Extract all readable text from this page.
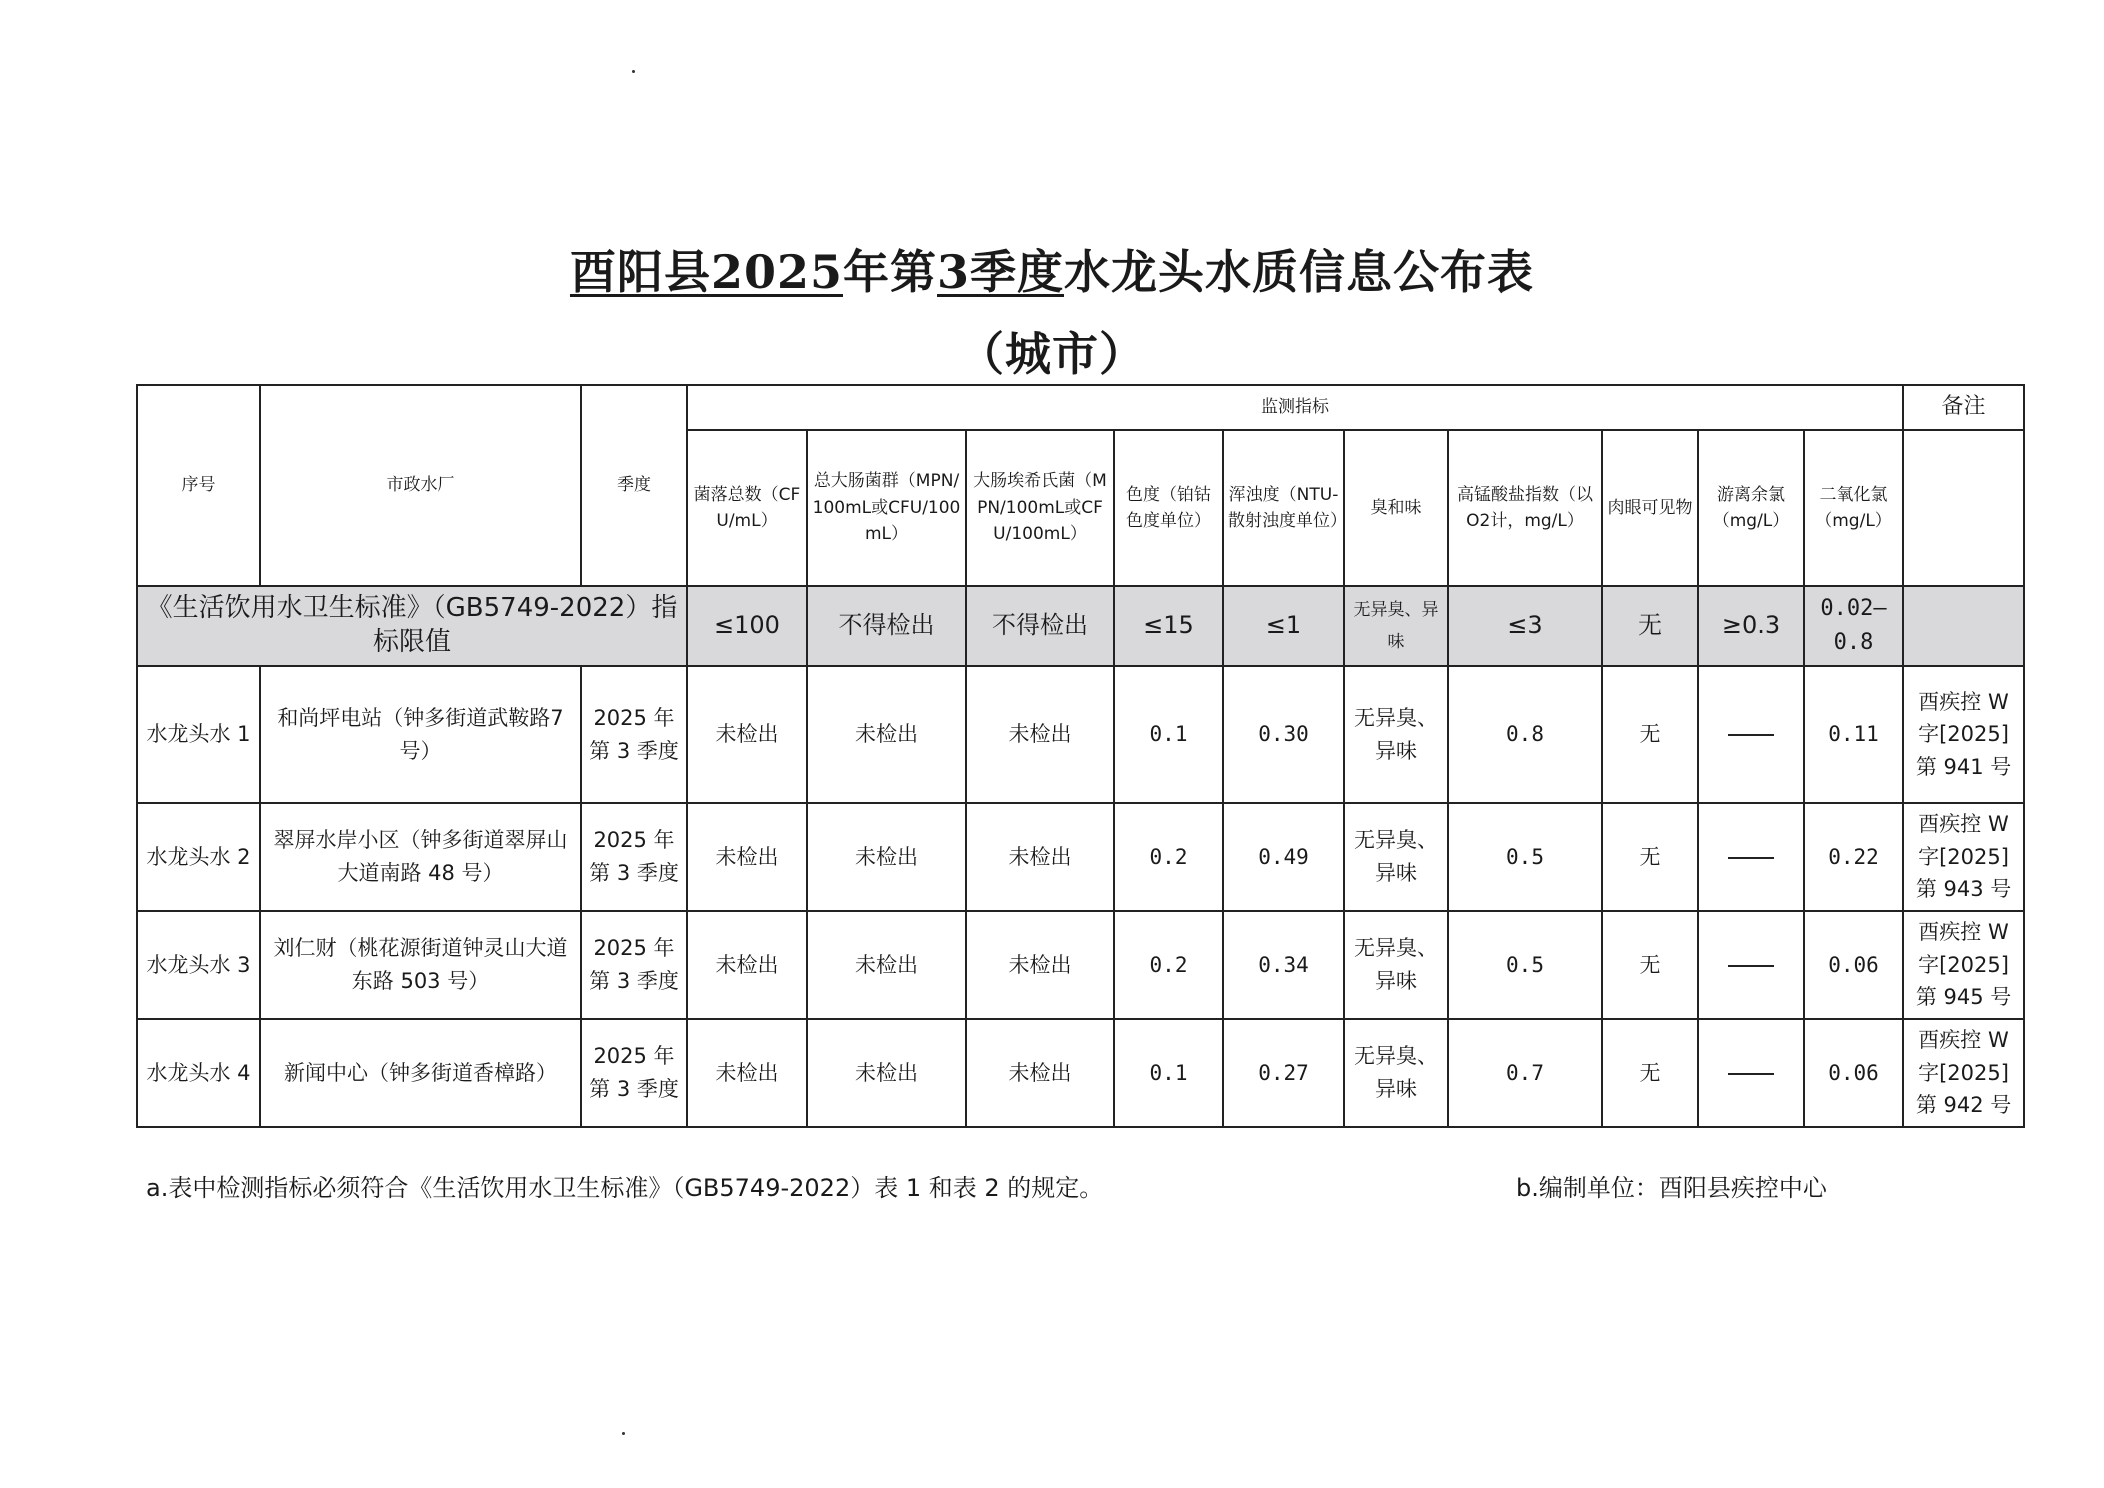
酉阳县2025年第3季度水龙头水质信息公布表
（城市）
序号	市政水厂	季度	监测指标										备注
			菌落总数（CFU/mL）	总大肠菌群（MPN/100mL或CFU/100mL）	大肠埃希氏菌（MPN/100mL或CFU/100mL）	色度（铂钴色度单位）	浑浊度（NTU-散射浊度单位）	臭和味	高锰酸盐指数（以O2计，mg/L）	肉眼可见物	游离余氯（mg/L）	二氧化氯（mg/L）	
《生活饮用水卫生标准》（GB5749-2022）指标限值			≤100	不得检出	不得检出	≤15	≤1	无异臭、异味	≤3	无	≥0.3	0.02–0.8	
水龙头水 1	和尚坪电站（钟多街道武鞍路7号）	2025 年第 3 季度	未检出	未检出	未检出	0.1	0.30	无异臭、异味	0.8	无		0.11	酉疾控 W 字[2025]第 941 号
水龙头水 2	翠屏水岸小区（钟多街道翠屏山大道南路 48 号）	2025 年第 3 季度	未检出	未检出	未检出	0.2	0.49	无异臭、异味	0.5	无		0.22	酉疾控 W 字[2025]第 943 号
水龙头水 3	刘仁财（桃花源街道钟灵山大道东路 503 号）	2025 年第 3 季度	未检出	未检出	未检出	0.2	0.34	无异臭、异味	0.5	无		0.06	酉疾控 W 字[2025]第 945 号
水龙头水 4	新闻中心（钟多街道香樟路）	2025 年第 3 季度	未检出	未检出	未检出	0.1	0.27	无异臭、异味	0.7	无		0.06	酉疾控 W 字[2025]第 942 号
a.表中检测指标必须符合《生活饮用水卫生标准》（GB5749-2022）表 1 和表 2 的规定。	b.编制单位：酉阳县疾控中心
